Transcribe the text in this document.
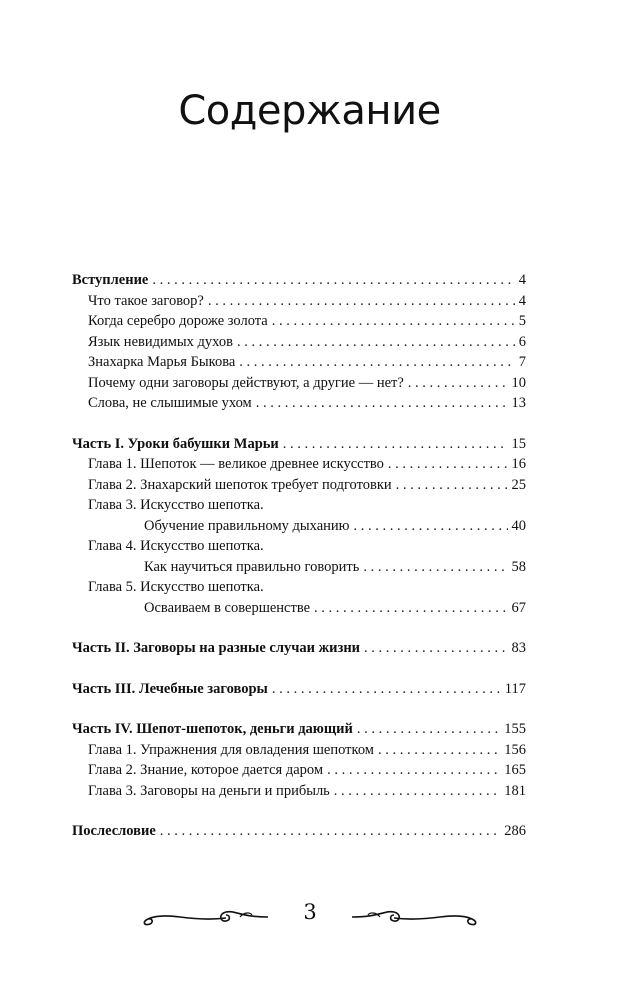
Содержание
Вступление . . .	4
Что такое заговор? . . .	4
Когда серебро дороже золота . . .	5
Язык невидимых духов . . .	6
Знахарка Марья Быкова . . .	7
Почему одни заговоры действуют, а другие — нет? . . .	10
Слова, не слышимые ухом . . .	13
Часть I. Уроки бабушки Марьи . . .	15
Глава 1. Шепоток — великое древнее искусство . . .	16
Глава 2. Знахарский шепоток требует подготовки . . .	25
Глава 3. Искусство шепотка.
Обучение правильному дыханию . . .	40
Глава 4. Искусство шепотка.
Как научиться правильно говорить . . .	58
Глава 5. Искусство шепотка.
Осваиваем в совершенстве . . .	67
Часть II. Заговоры на разные случаи жизни . . .	83
Часть III. Лечебные заговоры . . .	117
Часть IV. Шепот-шепоток, деньги дающий . . .	155
Глава 1. Упражнения для овладения шепотком . . .	156
Глава 2. Знание, которое дается даром . . .	165
Глава 3. Заговоры на деньги и прибыль . . .	181
Послесловие . . .	286
3
